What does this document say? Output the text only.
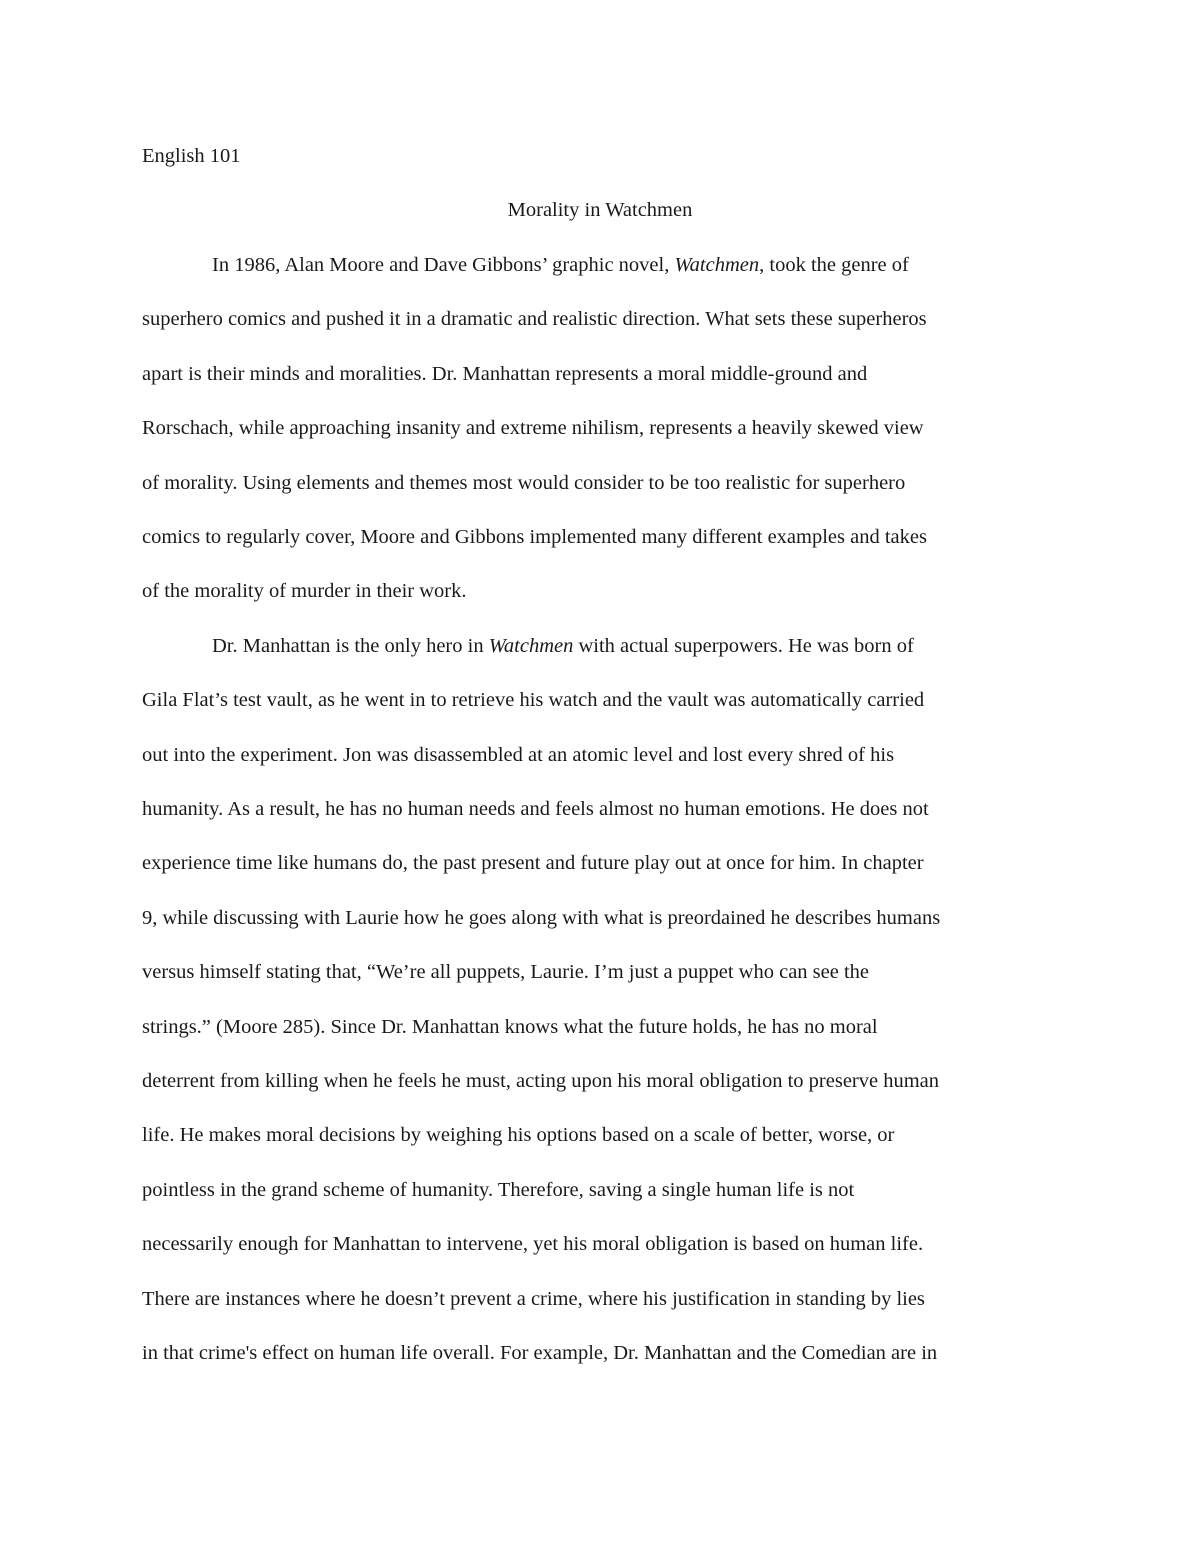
English 101
Morality in Watchmen
In 1986, Alan Moore and Dave Gibbons’ graphic novel, Watchmen, took the genre of
superhero comics and pushed it in a dramatic and realistic direction. What sets these superheros
apart is their minds and moralities. Dr. Manhattan represents a moral middle-ground and
Rorschach, while approaching insanity and extreme nihilism, represents a heavily skewed view
of morality. Using elements and themes most would consider to be too realistic for superhero
comics to regularly cover, Moore and Gibbons implemented many different examples and takes
of the morality of murder in their work.
Dr. Manhattan is the only hero in Watchmen with actual superpowers. He was born of
Gila Flat’s test vault, as he went in to retrieve his watch and the vault was automatically carried
out into the experiment. Jon was disassembled at an atomic level and lost every shred of his
humanity. As a result, he has no human needs and feels almost no human emotions. He does not
experience time like humans do, the past present and future play out at once for him. In chapter
9, while discussing with Laurie how he goes along with what is preordained he describes humans
versus himself stating that, “We’re all puppets, Laurie. I’m just a puppet who can see the
strings.” (Moore 285). Since Dr. Manhattan knows what the future holds, he has no moral
deterrent from killing when he feels he must, acting upon his moral obligation to preserve human
life. He makes moral decisions by weighing his options based on a scale of better, worse, or
pointless in the grand scheme of humanity. Therefore, saving a single human life is not
necessarily enough for Manhattan to intervene, yet his moral obligation is based on human life.
There are instances where he doesn’t prevent a crime, where his justification in standing by lies
in that crime's effect on human life overall. For example, Dr. Manhattan and the Comedian are in
